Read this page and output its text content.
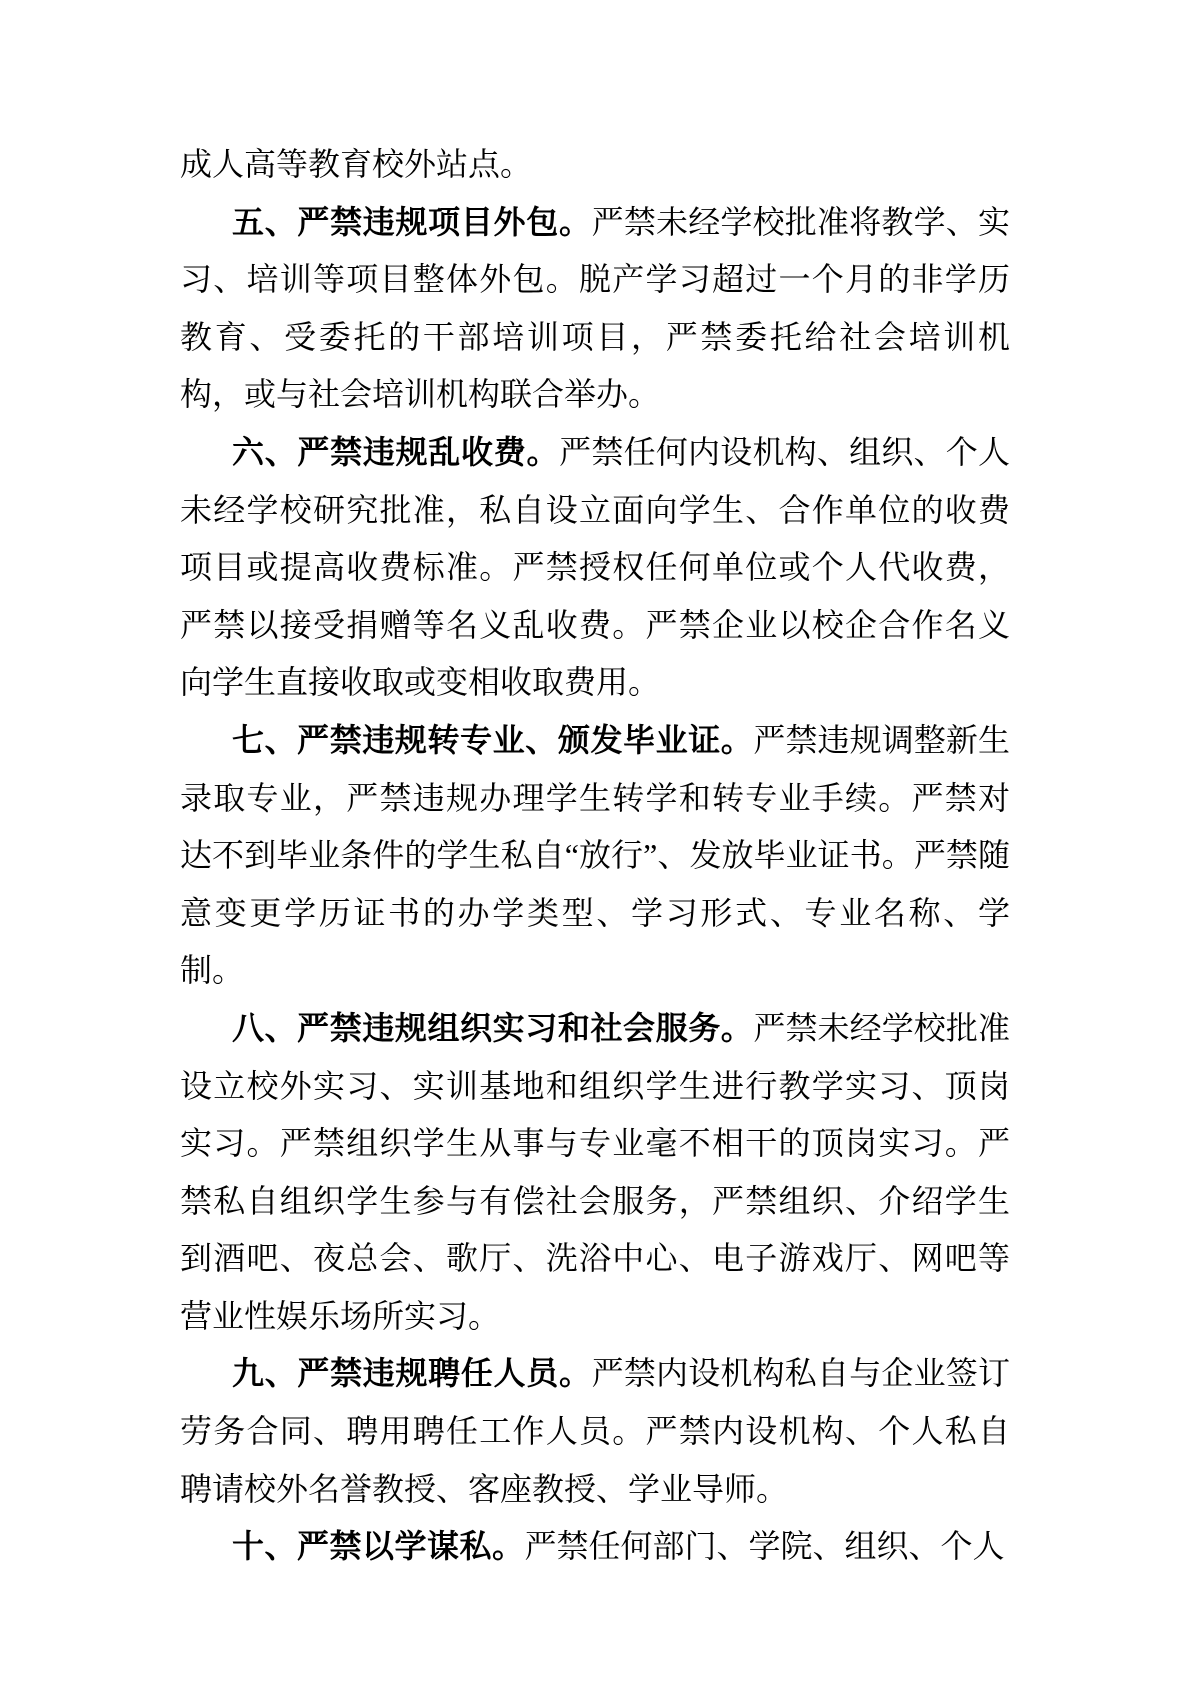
成人高等教育校外站点。

五、严禁违规项目外包。严禁未经学校批准将教学、实习、培训等项目整体外包。脱产学习超过一个月的非学历教育、受委托的干部培训项目，严禁委托给社会培训机构，或与社会培训机构联合举办。

六、严禁违规乱收费。严禁任何内设机构、组织、个人未经学校研究批准，私自设立面向学生、合作单位的收费项目或提高收费标准。严禁授权任何单位或个人代收费，严禁以接受捐赠等名义乱收费。严禁企业以校企合作名义向学生直接收取或变相收取费用。

七、严禁违规转专业、颁发毕业证。严禁违规调整新生录取专业，严禁违规办理学生转学和转专业手续。严禁对达不到毕业条件的学生私自“放行”、发放毕业证书。严禁随意变更学历证书的办学类型、学习形式、专业名称、学制。

八、严禁违规组织实习和社会服务。严禁未经学校批准设立校外实习、实训基地和组织学生进行教学实习、顶岗实习。严禁组织学生从事与专业毫不相干的顶岗实习。严禁私自组织学生参与有偿社会服务，严禁组织、介绍学生到酒吧、夜总会、歌厅、洗浴中心、电子游戏厅、网吧等营业性娱乐场所实习。

九、严禁违规聘任人员。严禁内设机构私自与企业签订劳务合同、聘用聘任工作人员。严禁内设机构、个人私自聘请校外名誉教授、客座教授、学业导师。

十、严禁以学谋私。严禁任何部门、学院、组织、个人
